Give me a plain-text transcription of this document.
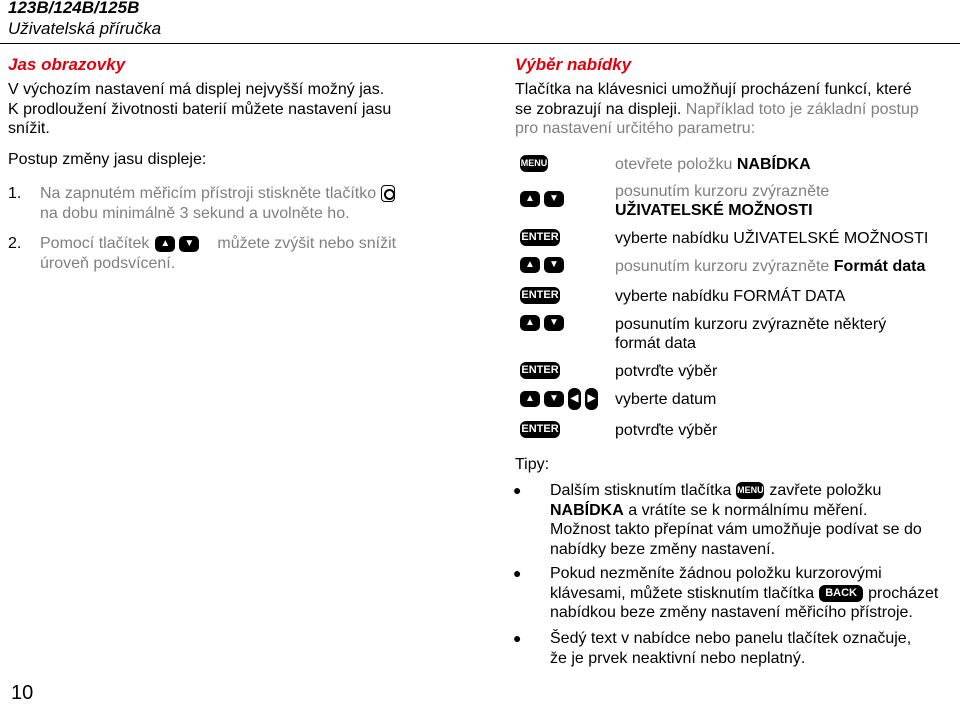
123B/124B/125B
Uživatelská příručka
Jas obrazovky
V výchozím nastavení má displej nejvyšší možný jas.
K prodloužení životnosti baterií můžete nastavení jasu
snížit.
Postup změny jasu displeje:
1. Na zapnutém měřicím přístroji stiskněte tlačítko
na dobu minimálně 3 sekund a uvolněte ho.
2. Pomocí tlačítek	▲	▼	můžete zvýšit nebo snížit
úroveň podsvícení.
10
Výběr nabídky
Tlačítka na klávesnici umožňují procházení funkcí, které
se zobrazují na displeji. Například toto je základní postup
pro nastavení určitého parametru:
MENU	otevřete položku NABÍDKA
▲	▼	posunutím kurzoru zvýrazněte
UŽIVATELSKÉ MOŽNOSTI
ENTER	vyberte nabídku UŽIVATELSKÉ MOŽNOSTI
▲	▼	posunutím kurzoru zvýrazněte Formát data
ENTER	vyberte nabídku FORMÁT DATA
▲	▼	posunutím kurzoru zvýrazněte některý
formát data
ENTER	potvrďte výběr
▲	▼	◀ ▶ vyberte datum
ENTER	potvrďte výběr
Tipy:
● Dalším stisknutím tlačítka MENU zavřete položku
NABÍDKA a vrátíte se k normálnímu měření.
Možnost takto přepínat vám umožňuje podívat se do
nabídky beze změny nastavení.
● Pokud nezměníte žádnou položku kurzorovými
klávesami, můžete stisknutím tlačítka	BACK procházet
nabídkou beze změny nastavení měřicího přístroje.
● Šedý text v nabídce nebo panelu tlačítek označuje,
že je prvek neaktivní nebo neplatný.
